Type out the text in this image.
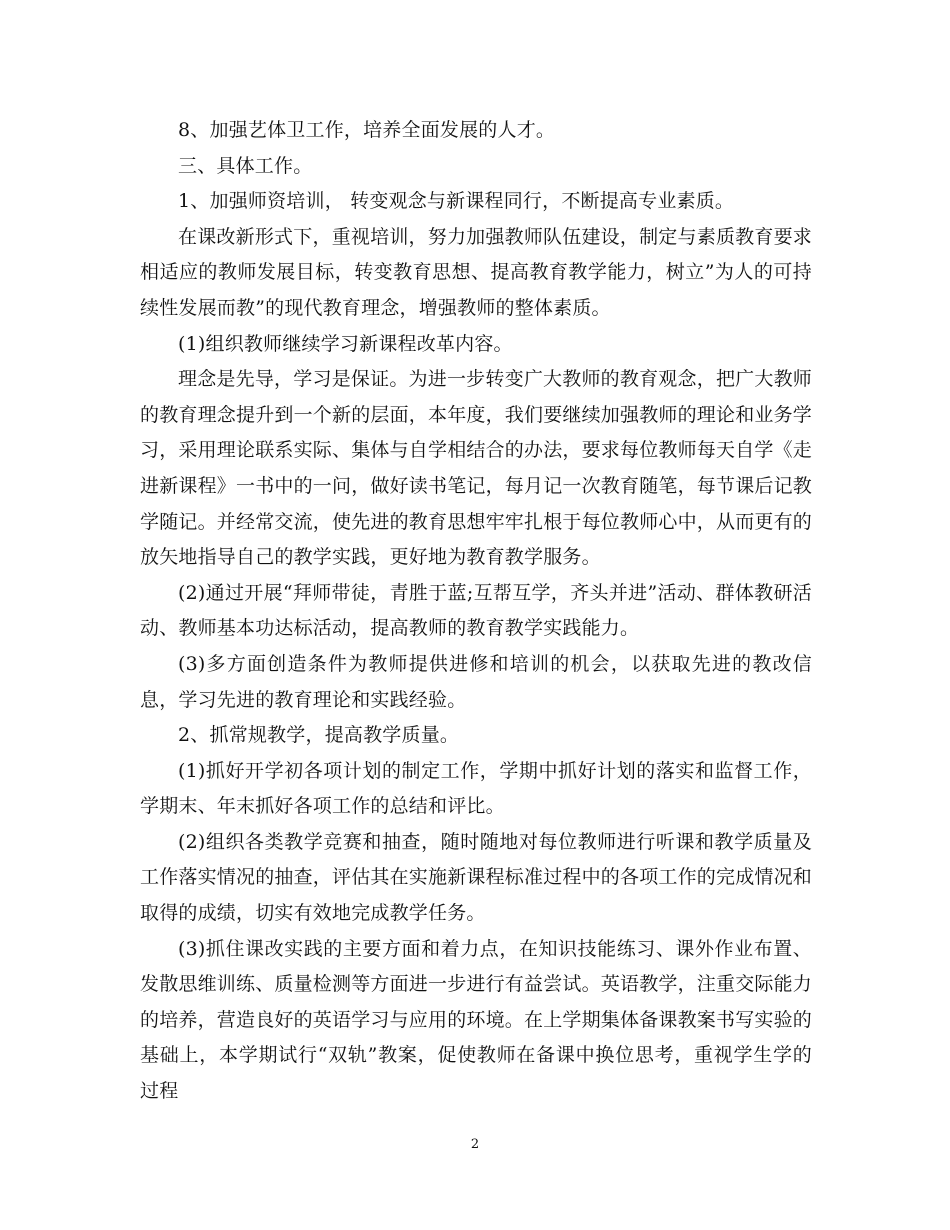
8、加强艺体卫工作，培养全面发展的人才。

三、具体工作。

1、加强师资培训， 转变观念与新课程同行，不断提高专业素质。

在课改新形式下，重视培训，努力加强教师队伍建设，制定与素质教育要求相适应的教师发展目标，转变教育思想、提高教育教学能力，树立”为人的可持续性发展而教”的现代教育理念，增强教师的整体素质。

(1)组织教师继续学习新课程改革内容。

理念是先导，学习是保证。为进一步转变广大教师的教育观念，把广大教师的教育理念提升到一个新的层面，本年度，我们要继续加强教师的理论和业务学习，采用理论联系实际、集体与自学相结合的办法，要求每位教师每天自学《走进新课程》一书中的一问，做好读书笔记，每月记一次教育随笔，每节课后记教学随记。并经常交流，使先进的教育思想牢牢扎根于每位教师心中，从而更有的放矢地指导自己的教学实践，更好地为教育教学服务。

(2)通过开展“拜师带徒，青胜于蓝;互帮互学，齐头并进”活动、群体教研活动、教师基本功达标活动，提高教师的教育教学实践能力。

(3)多方面创造条件为教师提供进修和培训的机会，以获取先进的教改信息，学习先进的教育理论和实践经验。

2、抓常规教学，提高教学质量。

(1)抓好开学初各项计划的制定工作，学期中抓好计划的落实和监督工作，学期末、年末抓好各项工作的总结和评比。

(2)组织各类教学竞赛和抽查，随时随地对每位教师进行听课和教学质量及工作落实情况的抽查，评估其在实施新课程标准过程中的各项工作的完成情况和取得的成绩，切实有效地完成教学任务。

(3)抓住课改实践的主要方面和着力点，在知识技能练习、课外作业布置、发散思维训练、质量检测等方面进一步进行有益尝试。英语教学，注重交际能力的培养，营造良好的英语学习与应用的环境。在上学期集体备课教案书写实验的基础上，本学期试行“双轨”教案，促使教师在备课中换位思考，重视学生学的过程

2
